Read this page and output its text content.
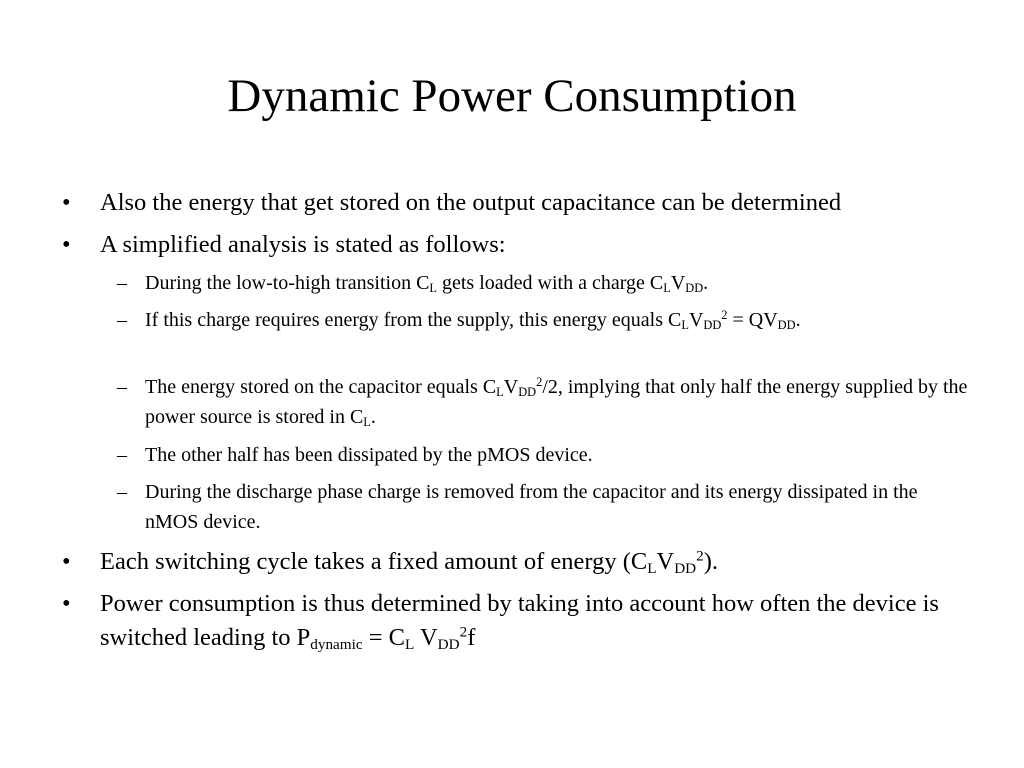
Dynamic Power Consumption
• Also the energy that get stored on the output capacitance can be determined
• A simplified analysis is stated as follows:
– During the low-to-high transition $C_L$ gets loaded with a charge $C_LV_{DD}$.
– If this charge requires energy from the supply, this energy equals $C_LV_{DD}^2 = QV_{DD}$.
– The energy stored on the capacitor equals $C_LV_{DD}^2/2$, implying that only half the energy supplied by the power source is stored in $C_L$.
– The other half has been dissipated by the pMOS device.
– During the discharge phase charge is removed from the capacitor and its energy dissipated in the nMOS device.
• Each switching cycle takes a fixed amount of energy $(C_LV_{DD}^2)$.
• Power consumption is thus determined by taking into account how often the device is switched leading to $P_{dynamic} = C_L$ $V_{DD}^2f$
